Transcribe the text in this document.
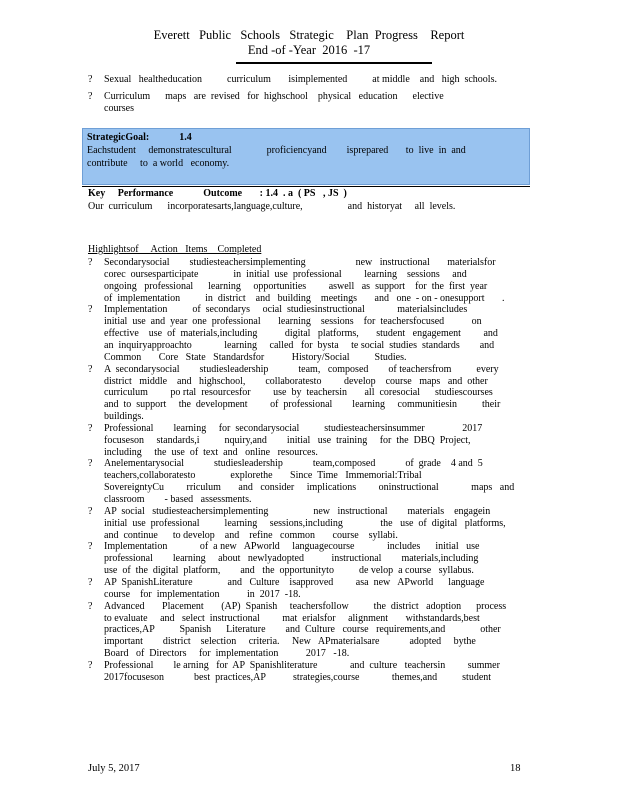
Everett   Public   Schools   Strategic    Plan  Progress    Report
End -of -Year  2016  -17
? Sexual   healtheducation          curriculum       isimplemented          at middle    and   high  schools.
? Curriculum      maps   are  revised   for  highschool    physical   education      elective
courses
StrategicGoal:            1.4
Eachstudent     demonstratescultural              proficiencyand        isprepared       to  live  in  and
contribute     to  a world   economy.
Key     Performance            Outcome       : 1.4  . a  ( PS   , JS  )
Our  curriculum      incorporatesarts,language,culture,                  and  historyat     all  levels.
Highlightsof     Action   Items    Completed
? Secondarysocial        studiesteachersimplementing                    new   instructional       materialsfor
corec  oursesparticipate              in  initial  use  professional         learning    sessions     and
ongoing   professional      learning     opportunities         aswell   as  support    for  the  first  year
of  implementation          in  district    and   building    meetings       and   one  - on - onesupport       .
? Implementation          of  secondarys     ocial  studiesinstructional             materialsincludes
initial  use  and  year  one  professional       learning    sessions    for  teachersfocused           on
effective    use  of  materials,including           digital   platforms,       student   engagement         and
an  inquiryapproachto             learning     called   for  bysta     te social  studies  standards        and
Common       Core   State   Standardsfor           History/Social          Studies.
? A  secondarysocial        studiesleadership            team,   composed        of teachersfrom          every
district   middle    and   highschool,        collaboratesto         develop    course   maps   and  other
curriculum         po rtal  resourcesfor         use  by  teachersin       all  coresocial      studiescourses
and  to  support     the  development         of  professional        learning     communitiesin          their
buildings.
? Professional        learning     for  secondarysocial          studiesteachersinsummer               2017
focuseson     standards,i          nquiry,and        initial   use  training     for  the  DBQ  Project,
including     the  use  of  text  and   online   resources.
? Anelementarysocial            studiesleadership            team,composed            of  grade    4 and  5
teachers,collaboratesto              explorethe       Since  Time   Immemorial:Tribal
SovereigntyCu         rriculum       and   consider     implications         oninstructional             maps   and
classroom        - based   assessments.
? AP  social   studiesteachersimplementing                  new   instructional        materials    engagein
initial  use  professional          learning     sessions,including               the   use  of  digital   platforms,
and  continue      to develop    and    refine   common       course    syllabi.
? Implementation             of  a new   APworld     languagecourse             includes      initial   use
professional        learning     about   newlyadopted           instructional        materials,including
use  of  the  digital  platform,        and   the  opportunityto          de velop  a course   syllabus.
? AP  SpanishLiterature              and   Culture    isapproved         asa  new   APworld      language
course    for  implementation           in  2017  -18.
? Advanced       Placement       (AP)  Spanish     teachersfollow          the  district   adoption      process
to evaluate     and   select  instructional         mat  erialsfor     alignment       withstandards,best
practices,AP          Spanish      Literature        and  Culture   course   requirements,and              other
important        district    selection     criteria.     New   APmaterialsare            adopted     bythe
Board   of  Directors     for  implementation           2017   -18.
? Professional        le arning   for  AP  Spanishliterature             and  culture   teachersin         summer
2017focuseson            best  practices,AP           strategies,course             themes,and          student
July 5, 2017	18
